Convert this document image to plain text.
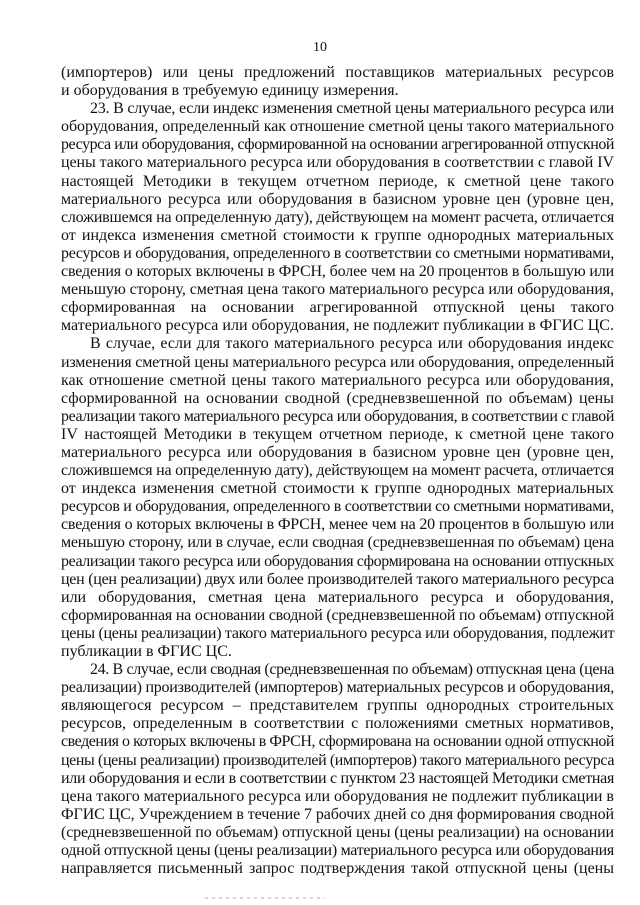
10
(импортеров) или цены предложений поставщиков материальных ресурсов
и оборудования в требуемую единицу измерения.
23. В случае, если индекс изменения сметной цены материального ресурса или
оборудования, определенный как отношение сметной цены такого материального
ресурса или оборудования, сформированной на основании агрегированной отпускной
цены такого материального ресурса или оборудования в соответствии с главой IV
настоящей Методики в текущем отчетном периоде, к сметной цене такого
материального ресурса или оборудования в базисном уровне цен (уровне цен,
сложившемся на определенную дату), действующем на момент расчета, отличается
от индекса изменения сметной стоимости к группе однородных материальных
ресурсов и оборудования, определенного в соответствии со сметными нормативами,
сведения о которых включены в ФРСН, более чем на 20 процентов в большую или
меньшую сторону, сметная цена такого материального ресурса или оборудования,
сформированная на основании агрегированной отпускной цены такого
материального ресурса или оборудования, не подлежит публикации в ФГИС ЦС.
В случае, если для такого материального ресурса или оборудования индекс
изменения сметной цены материального ресурса или оборудования, определенный
как отношение сметной цены такого материального ресурса или оборудования,
сформированной на основании сводной (средневзвешенной по объемам) цены
реализации такого материального ресурса или оборудования, в соответствии с главой
IV настоящей Методики в текущем отчетном периоде, к сметной цене такого
материального ресурса или оборудования в базисном уровне цен (уровне цен,
сложившемся на определенную дату), действующем на момент расчета, отличается
от индекса изменения сметной стоимости к группе однородных материальных
ресурсов и оборудования, определенного в соответствии со сметными нормативами,
сведения о которых включены в ФРСН, менее чем на 20 процентов в большую или
меньшую сторону, или в случае, если сводная (средневзвешенная по объемам) цена
реализации такого ресурса или оборудования сформирована на основании отпускных
цен (цен реализации) двух или более производителей такого материального ресурса
или оборудования, сметная цена материального ресурса и оборудования,
сформированная на основании сводной (средневзвешенной по объемам) отпускной
цены (цены реализации) такого материального ресурса или оборудования, подлежит
публикации в ФГИС ЦС.
24. В случае, если сводная (средневзвешенная по объемам) отпускная цена (цена
реализации) производителей (импортеров) материальных ресурсов и оборудования,
являющегося ресурсом – представителем группы однородных строительных
ресурсов, определенным в соответствии с положениями сметных нормативов,
сведения о которых включены в ФРСН, сформирована на основании одной отпускной
цены (цены реализации) производителей (импортеров) такого материального ресурса
или оборудования и если в соответствии с пунктом 23 настоящей Методики сметная
цена такого материального ресурса или оборудования не подлежит публикации в
ФГИС ЦС, Учреждением в течение 7 рабочих дней со дня формирования сводной
(средневзвешенной по объемам) отпускной цены (цены реализации) на основании
одной отпускной цены (цены реализации) материального ресурса или оборудования
направляется письменный запрос подтверждения такой отпускной цены (цены
